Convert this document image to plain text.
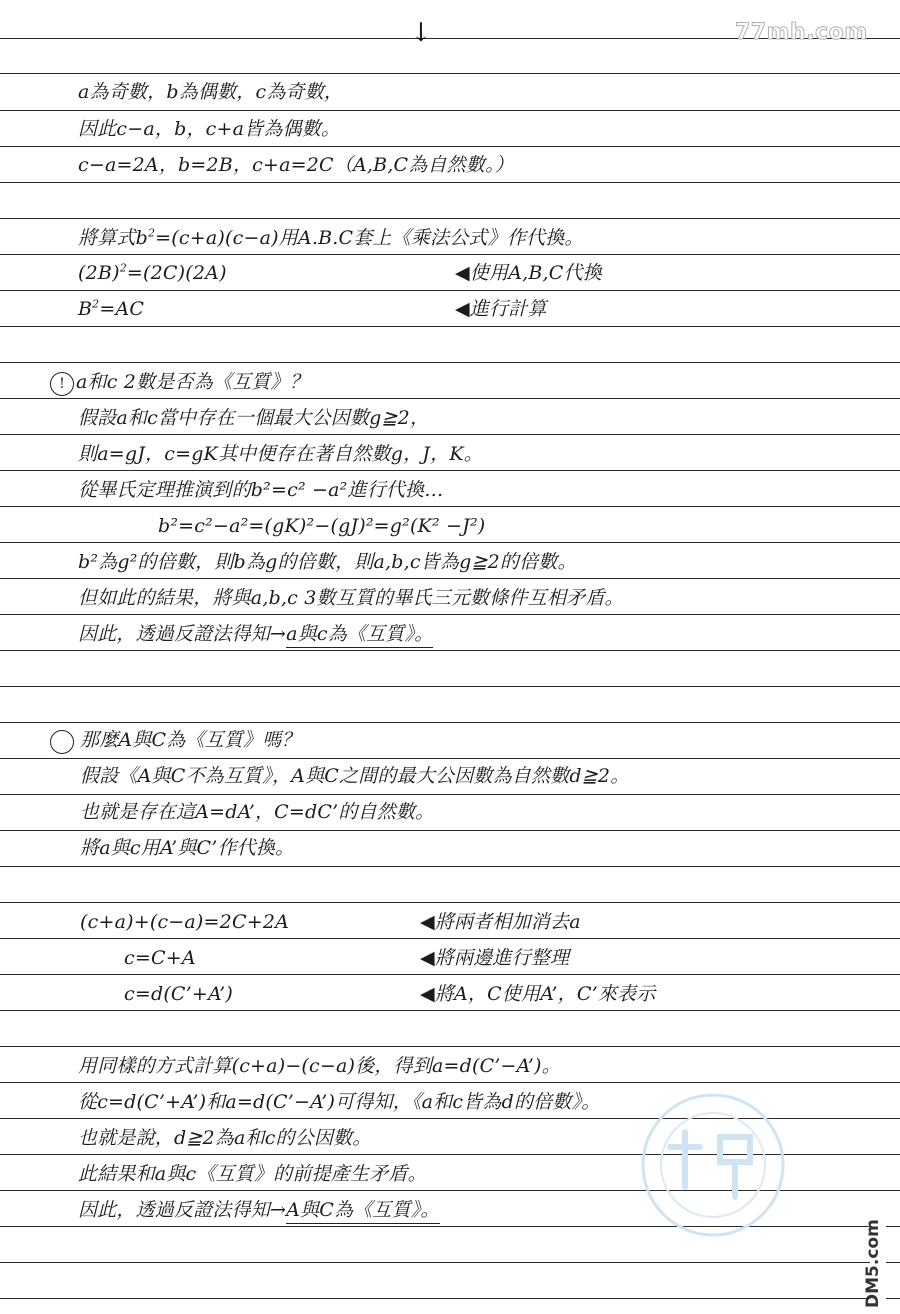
↓	77mh.com
a為奇數，b為偶數，c為奇數，
因此c−a，b，c+a皆為偶數。
c−a=2A，b=2B，c+a=2C（A,B,C為自然數。）
將算式$b^2=(c+a)(c-a)$用A.B.C套上《乘法公式》作代換。
$(2B)^2=(2C)(2A)$	◀使用A,B,C代換
$B^2=AC$	◀進行計算
! a和c 2數是否為《互質》？
假設a和c當中存在一個最大公因數g≧2，
則a=gJ，c=gK其中便存在著自然數g，J，K。
從畢氏定理推演到的b²=c² −a²進行代換…
b²=c²−a²=(gK)²−(gJ)²=g²(K² −J²)
b²為g²的倍數，則b為g的倍數，則a,b,c皆為g≧2的倍數。
但如此的結果，將與a,b,c 3數互質的畢氏三元數條件互相矛盾。
因此，透過反證法得知→a與c為《互質》。
那麼A與C為《互質》嗎？
假設《A與C不為互質》，A與C之間的最大公因數為自然數d≧2。
也就是存在這A=dA’，C=dC’的自然數。
將a與c用A’與C’作代換。
(c+a)+(c−a)=2C+2A	◀將兩者相加消去a
c=C+A	◀將兩邊進行整理
c=d(C’+A’)	◀將A，C使用A’，C’來表示
用同樣的方式計算(c+a)−(c−a)後，得到a=d(C’−A’)。
從c=d(C’+A’)和a=d(C’−A’)可得知，《a和c皆為d的倍數》。
也就是說，d≧2為a和c的公因數。
此結果和a與c《互質》的前提產生矛盾。
因此，透過反證法得知→A與C為《互質》。
DM5.com
